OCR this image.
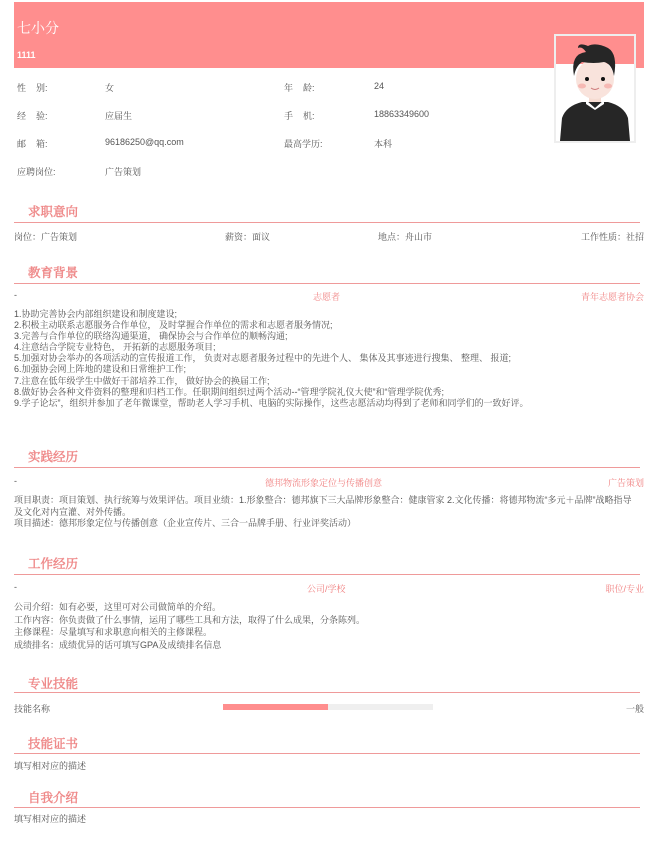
七小分
1111
性    别:	女	年    龄:	24
经    验:	应届生	手    机:	18863349600
邮    箱:	96186250@qq.com	最高学历:	本科
应聘岗位:	广告策划
求职意向
岗位：广告策划	薪资：面议	地点：舟山市	工作性质：社招
教育背景
-	志愿者	青年志愿者协会
1.协助完善协会内部组织建设和制度建设;
2.积极主动联系志愿服务合作单位， 及时掌握合作单位的需求和志愿者服务情况;
3.完善与合作单位的联络沟通渠道， 确保协会与合作单位的顺畅沟通;
4.注意结合学院专业特色， 开拓新的志愿服务项目;
5.加强对协会举办的各项活动的宣传报道工作， 负责对志愿者服务过程中的先进个人、 集体及其事迹进行搜集、 整理、 报道;
6.加强协会网上阵地的建设和日常维护工作;
7.注意在低年级学生中做好干部培养工作， 做好协会的换届工作;
8.做好协会各种文件资料的整理和归档工作。任职期间组织过两个活动--“管理学院礼仪大使”和“管理学院优秀;
9.学子论坛”，组织并参加了老年微课堂，帮助老人学习手机、电脑的实际操作，这些志愿活动均得到了老师和同学们的一致好评。
实践经历
-	德邦物流形象定位与传播创意	广告策划
项目职责：项目策划、执行统筹与效果评估。项目业绩：1.形象整合：德邦旗下三大品牌形象整合：健康管家 2.文化传播：将德邦物流“多元＋品牌”战略指导及文化对内宣灌、对外传播。
项目描述：德邦形象定位与传播创意（企业宣传片、三合一品牌手册、行业评奖活动）
工作经历
-	公司/学校	职位/专业
公司介绍：如有必要，这里可对公司做简单的介绍。
工作内容：你负责做了什么事情，运用了哪些工具和方法，取得了什么成果，分条陈列。
主修课程：尽量填写和求职意向相关的主修课程。
成绩排名：成绩优异的话可填写GPA及成绩排名信息
专业技能
技能名称	一般
技能证书
填写相对应的描述
自我介绍
填写相对应的描述
